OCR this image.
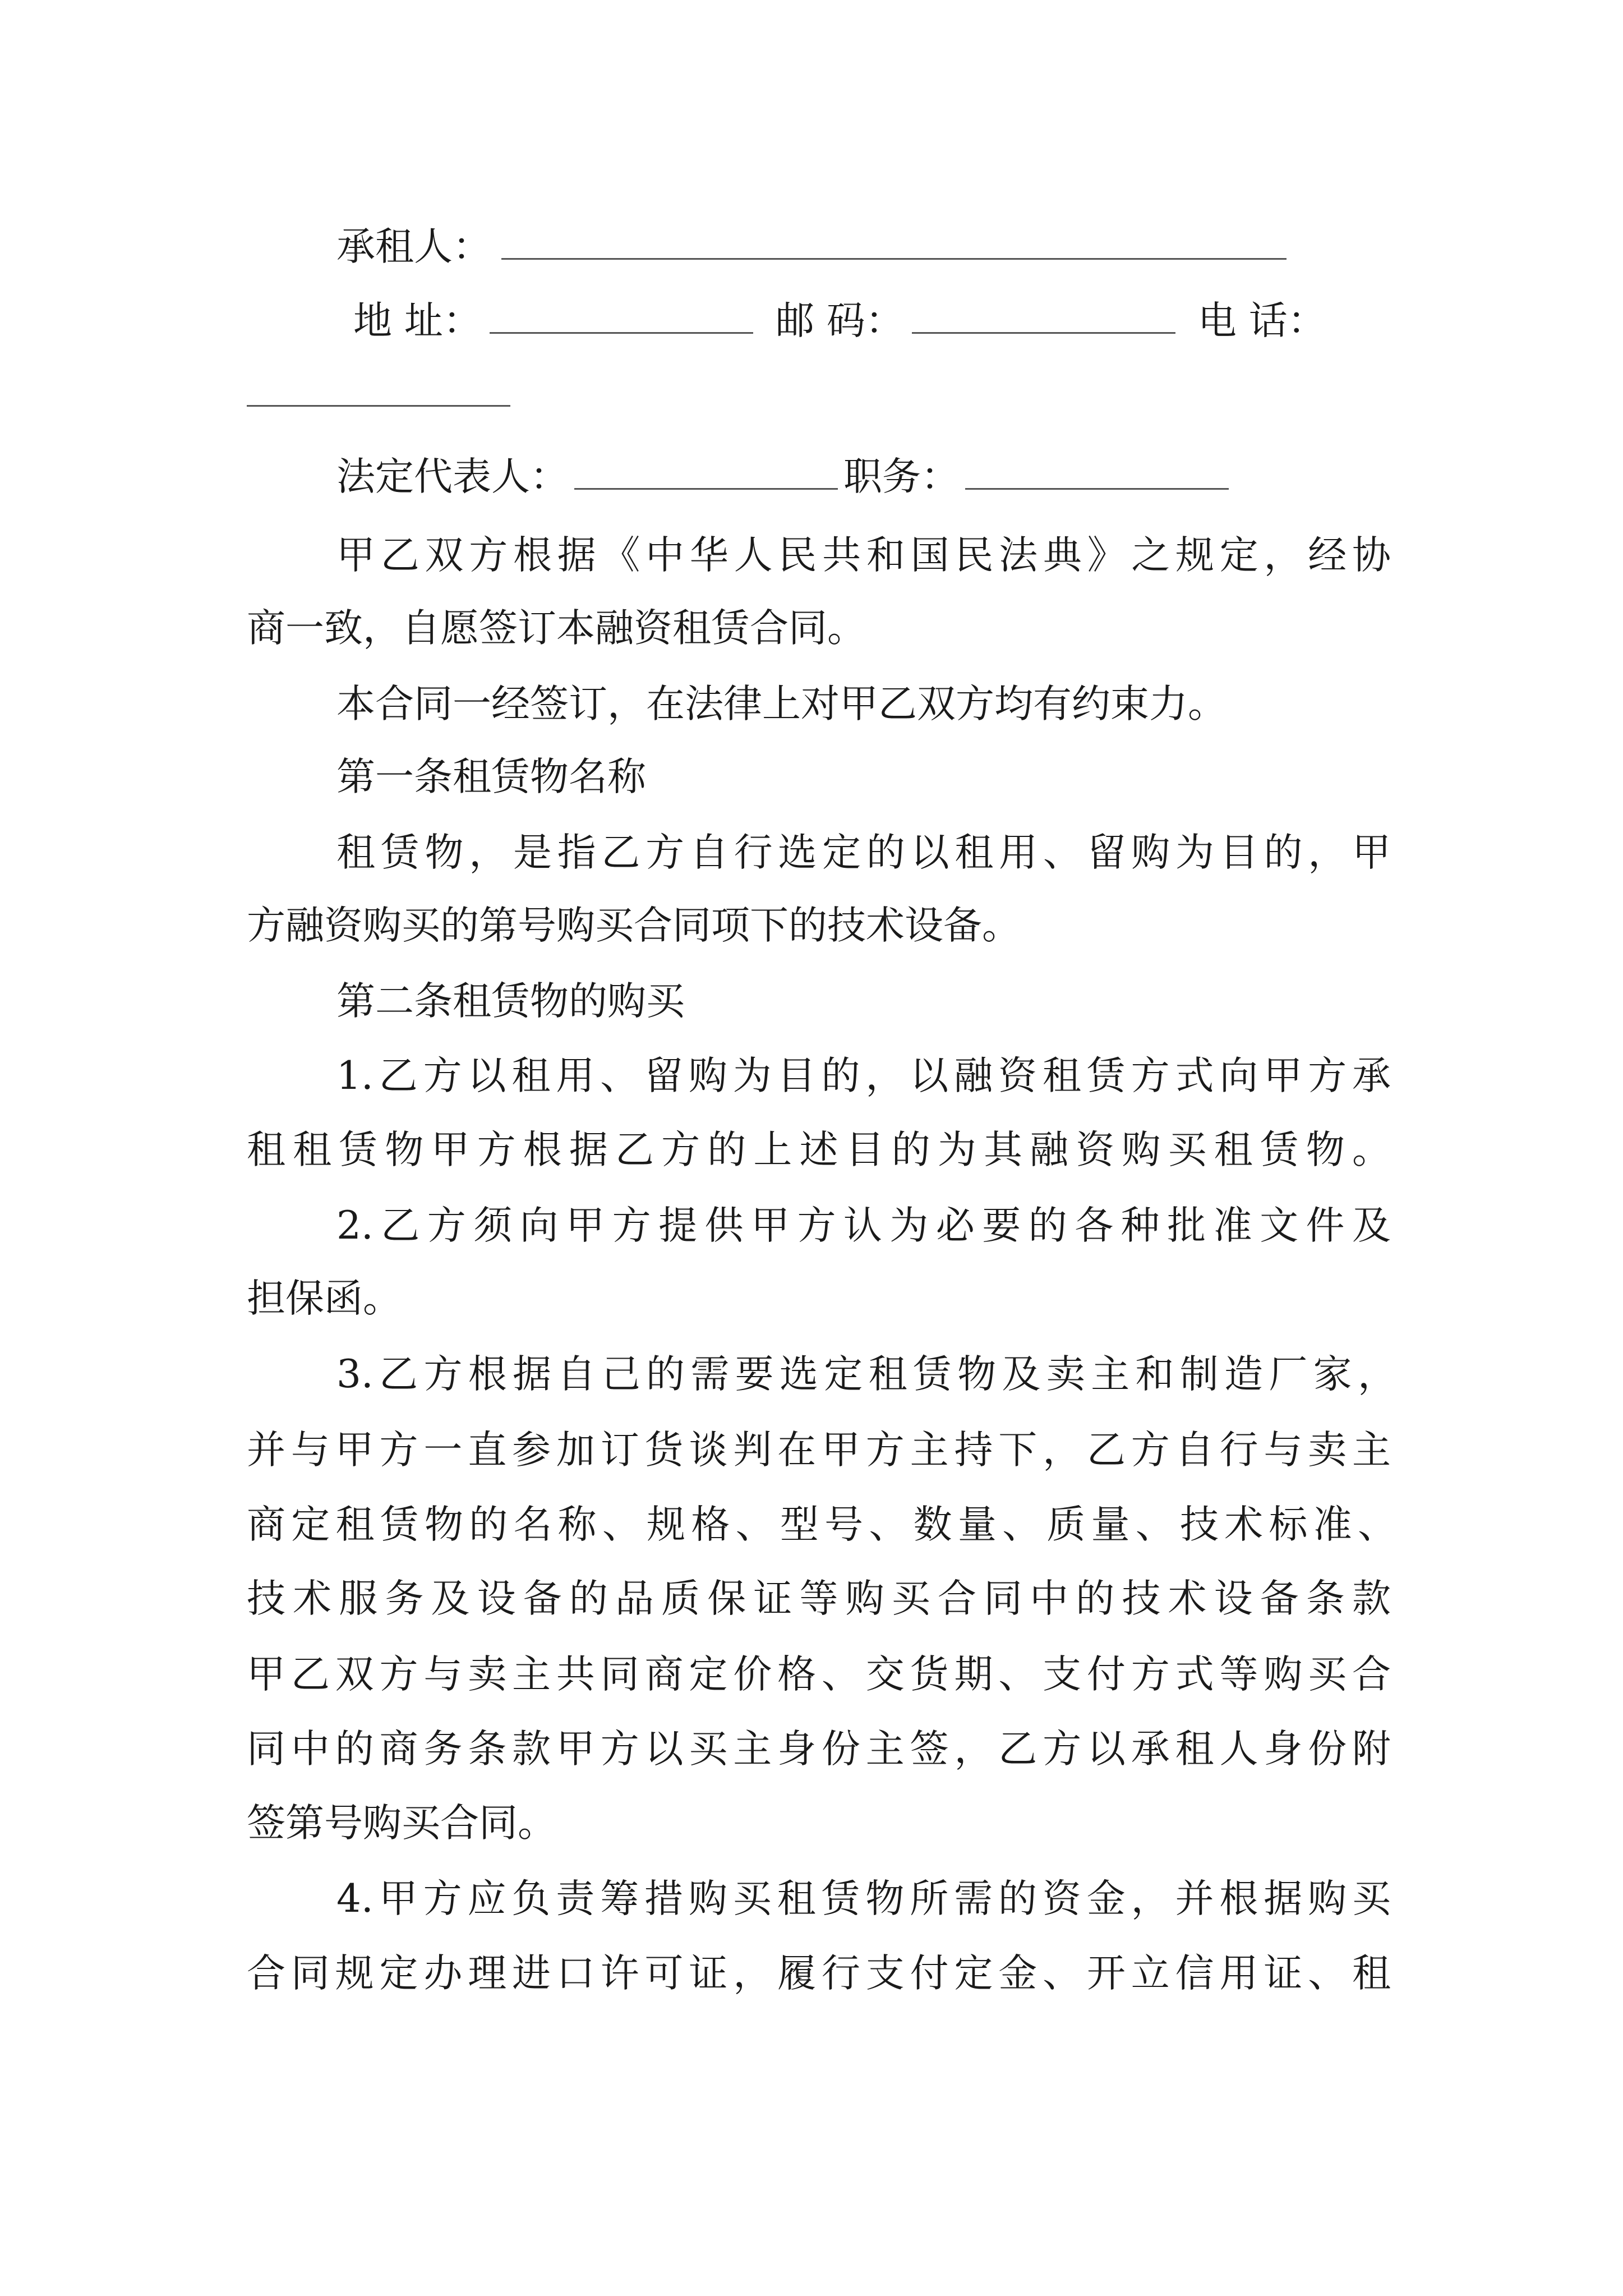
承租人：
地 址：	邮 码：	电 话：
法定代表人：	职务：
甲乙双方根据《中华人民共和国民法典》之规定，经协
商一致，自愿签订本融资租赁合同。
本合同一经签订，在法律上对甲乙双方均有约束力。
第一条租赁物名称
租赁物，是指乙方自行选定的以租用、留购为目的，甲
方融资购买的第号购买合同项下的技术设备。
第二条租赁物的购买
1.乙方以租用、留购为目的，以融资租赁方式向甲方承
租租赁物甲方根据乙方的上述目的为其融资购买租赁物。
2.乙方须向甲方提供甲方认为必要的各种批准文件及
担保函。
3.乙方根据自己的需要选定租赁物及卖主和制造厂家，
并与甲方一直参加订货谈判在甲方主持下，乙方自行与卖主
商定租赁物的名称、规格、型号、数量、质量、技术标准、
技术服务及设备的品质保证等购买合同中的技术设备条款
甲乙双方与卖主共同商定价格、交货期、支付方式等购买合
同中的商务条款甲方以买主身份主签，乙方以承租人身份附
签第号购买合同。
4.甲方应负责筹措购买租赁物所需的资金，并根据购买
合同规定办理进口许可证，履行支付定金、开立信用证、租
